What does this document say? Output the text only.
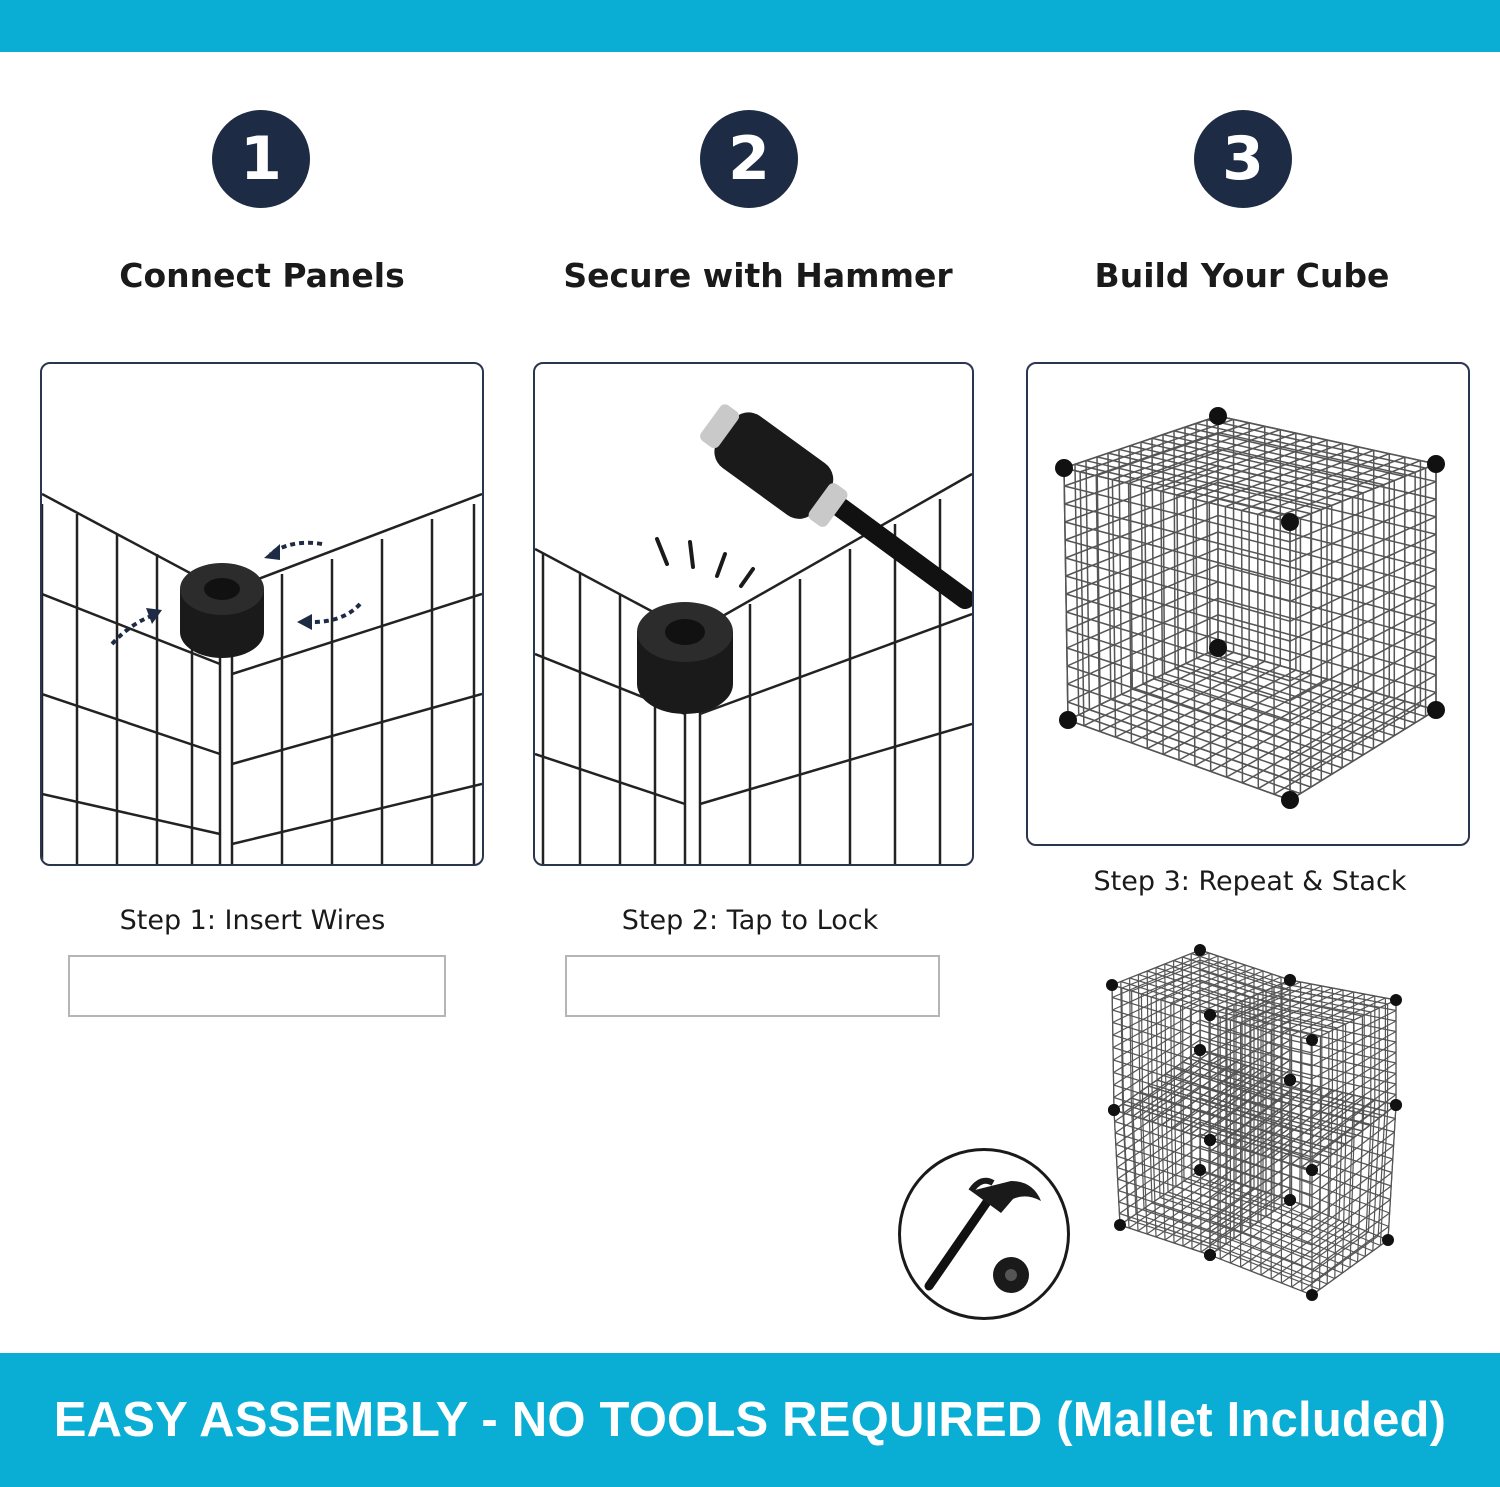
1	2	3
Connect Panels	Secure with Hammer	Build Your Cube
Step 1: Insert Wires	Step 2: Tap to Lock
Step 3: Repeat & Stack
EASY ASSEMBLY - NO TOOLS REQUIRED (Mallet Included)
